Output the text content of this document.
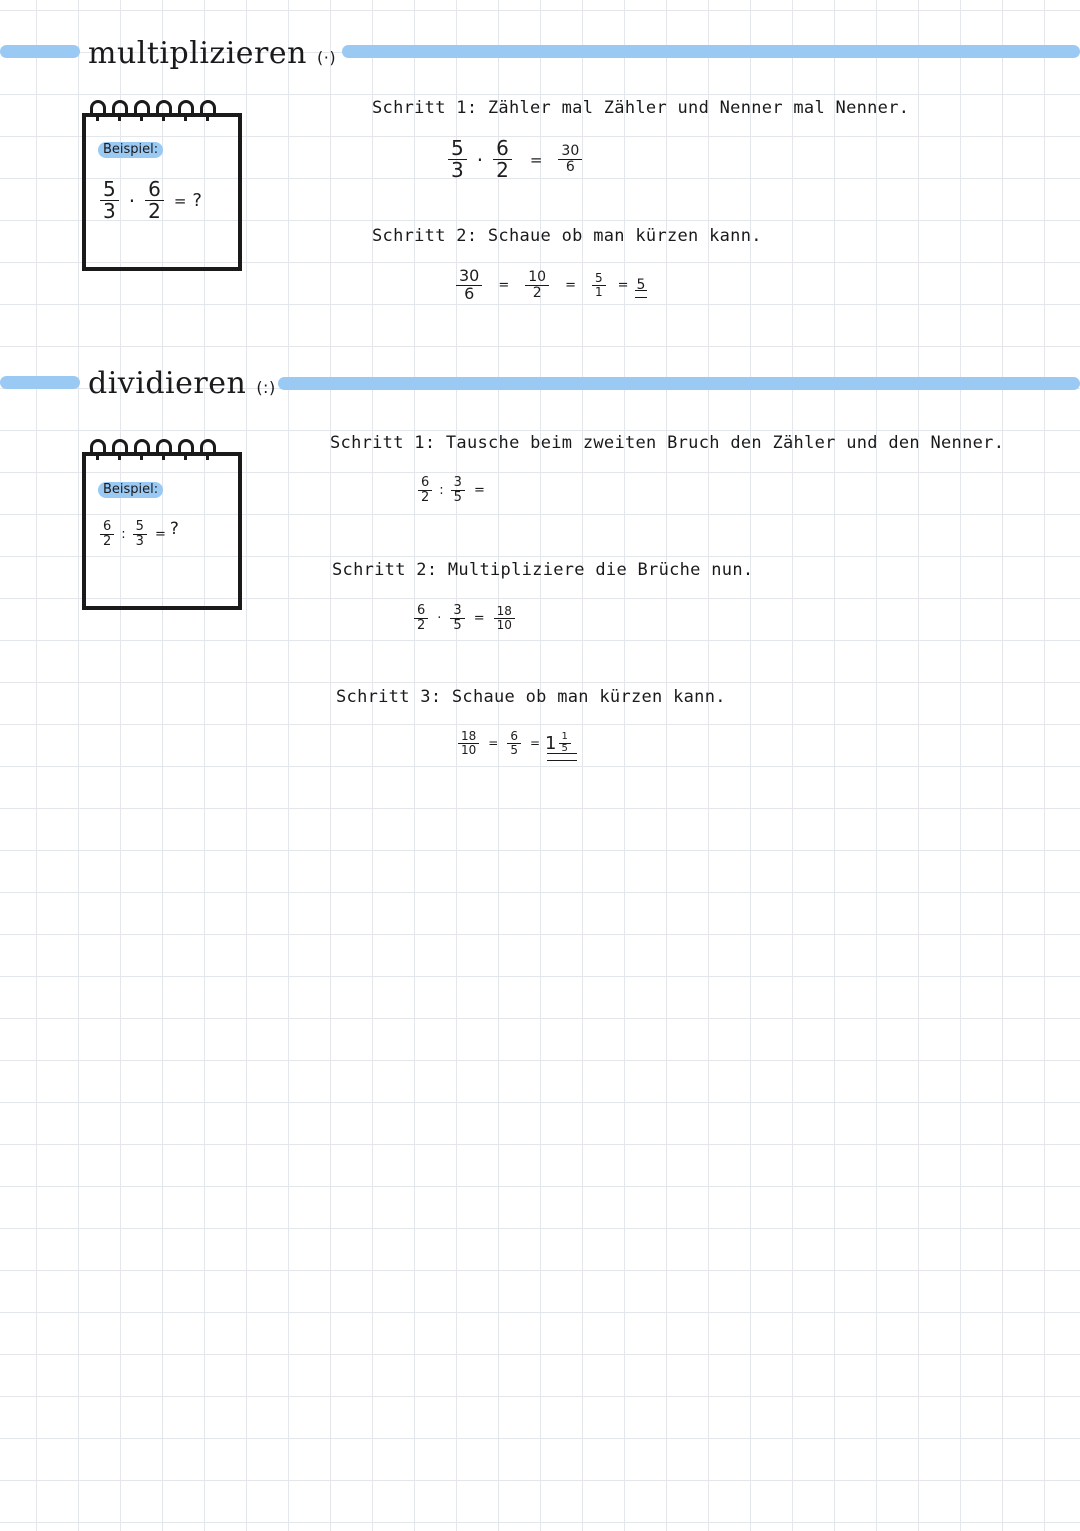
multiplizieren (·)
Beispiel:
$\frac{5}{3} \cdot \frac{6}{2}$ = ?
Schritt 1: Zähler mal Zähler und Nenner mal Nenner.
$\frac{5}{3} \cdot \frac{6}{2} = \frac{30}{6}$
Schritt 2: Schaue ob man kürzen kann.
$\frac{30}{6} = \frac{10}{2} = \frac{5}{1} = 5$
dividieren (:)
Beispiel:
$\frac{6}{2}$ : $\frac{5}{3}$ = ?
Schritt 1: Tausche beim zweiten Bruch den Zähler und den Nenner.
$\frac{6}{2}$ : $\frac{3}{5}$ =
Schritt 2: Multipliziere die Brüche nun.
$\frac{6}{2} \cdot \frac{3}{5} = \frac{18}{10}$
Schritt 3: Schaue ob man kürzen kann.
$\frac{18}{10} = \frac{6}{5} = 1 \frac{1}{5}$
